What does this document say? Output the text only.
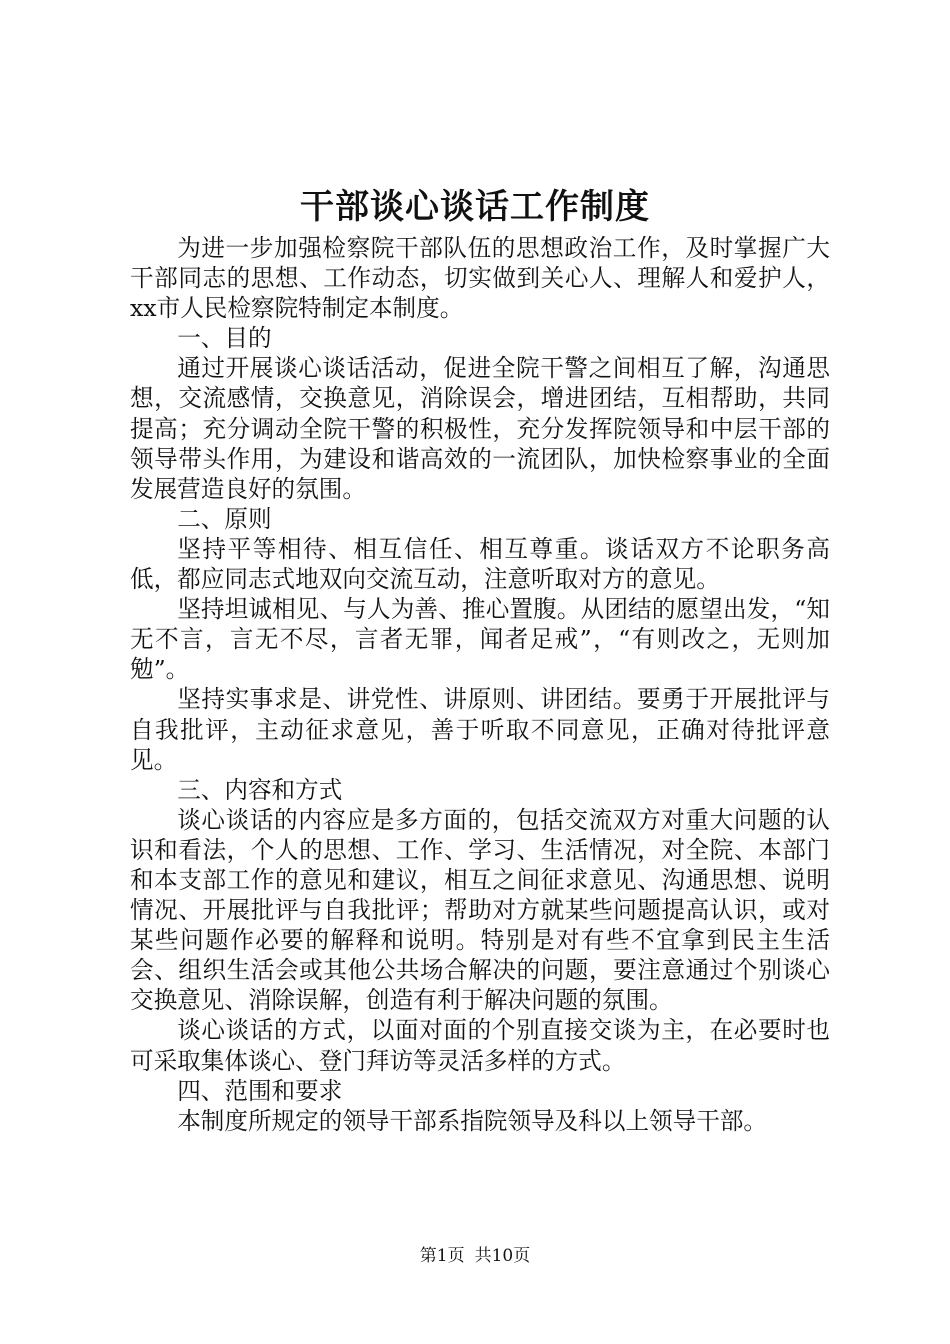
干部谈心谈话工作制度

为进一步加强检察院干部队伍的思想政治工作，及时掌握广大干部同志的思想、工作动态，切实做到关心人、理解人和爱护人，xx市人民检察院特制定本制度。

一、目的

通过开展谈心谈话活动，促进全院干警之间相互了解，沟通思想，交流感情，交换意见，消除误会，增进团结，互相帮助，共同提高；充分调动全院干警的积极性，充分发挥院领导和中层干部的领导带头作用，为建设和谐高效的一流团队，加快检察事业的全面发展营造良好的氛围。

二、原则

坚持平等相待、相互信任、相互尊重。谈话双方不论职务高低，都应同志式地双向交流互动，注意听取对方的意见。

坚持坦诚相见、与人为善、推心置腹。从团结的愿望出发，“知无不言，言无不尽，言者无罪，闻者足戒”，“有则改之，无则加勉”。

坚持实事求是、讲党性、讲原则、讲团结。要勇于开展批评与自我批评，主动征求意见，善于听取不同意见，正确对待批评意见。

三、内容和方式

谈心谈话的内容应是多方面的，包括交流双方对重大问题的认识和看法，个人的思想、工作、学习、生活情况，对全院、本部门和本支部工作的意见和建议，相互之间征求意见、沟通思想、说明情况、开展批评与自我批评；帮助对方就某些问题提高认识，或对某些问题作必要的解释和说明。特别是对有些不宜拿到民主生活会、组织生活会或其他公共场合解决的问题，要注意通过个别谈心交换意见、消除误解，创造有利于解决问题的氛围。

谈心谈话的方式，以面对面的个别直接交谈为主，在必要时也可采取集体谈心、登门拜访等灵活多样的方式。

四、范围和要求

本制度所规定的领导干部系指院领导及科以上领导干部。

第1页 共10页
